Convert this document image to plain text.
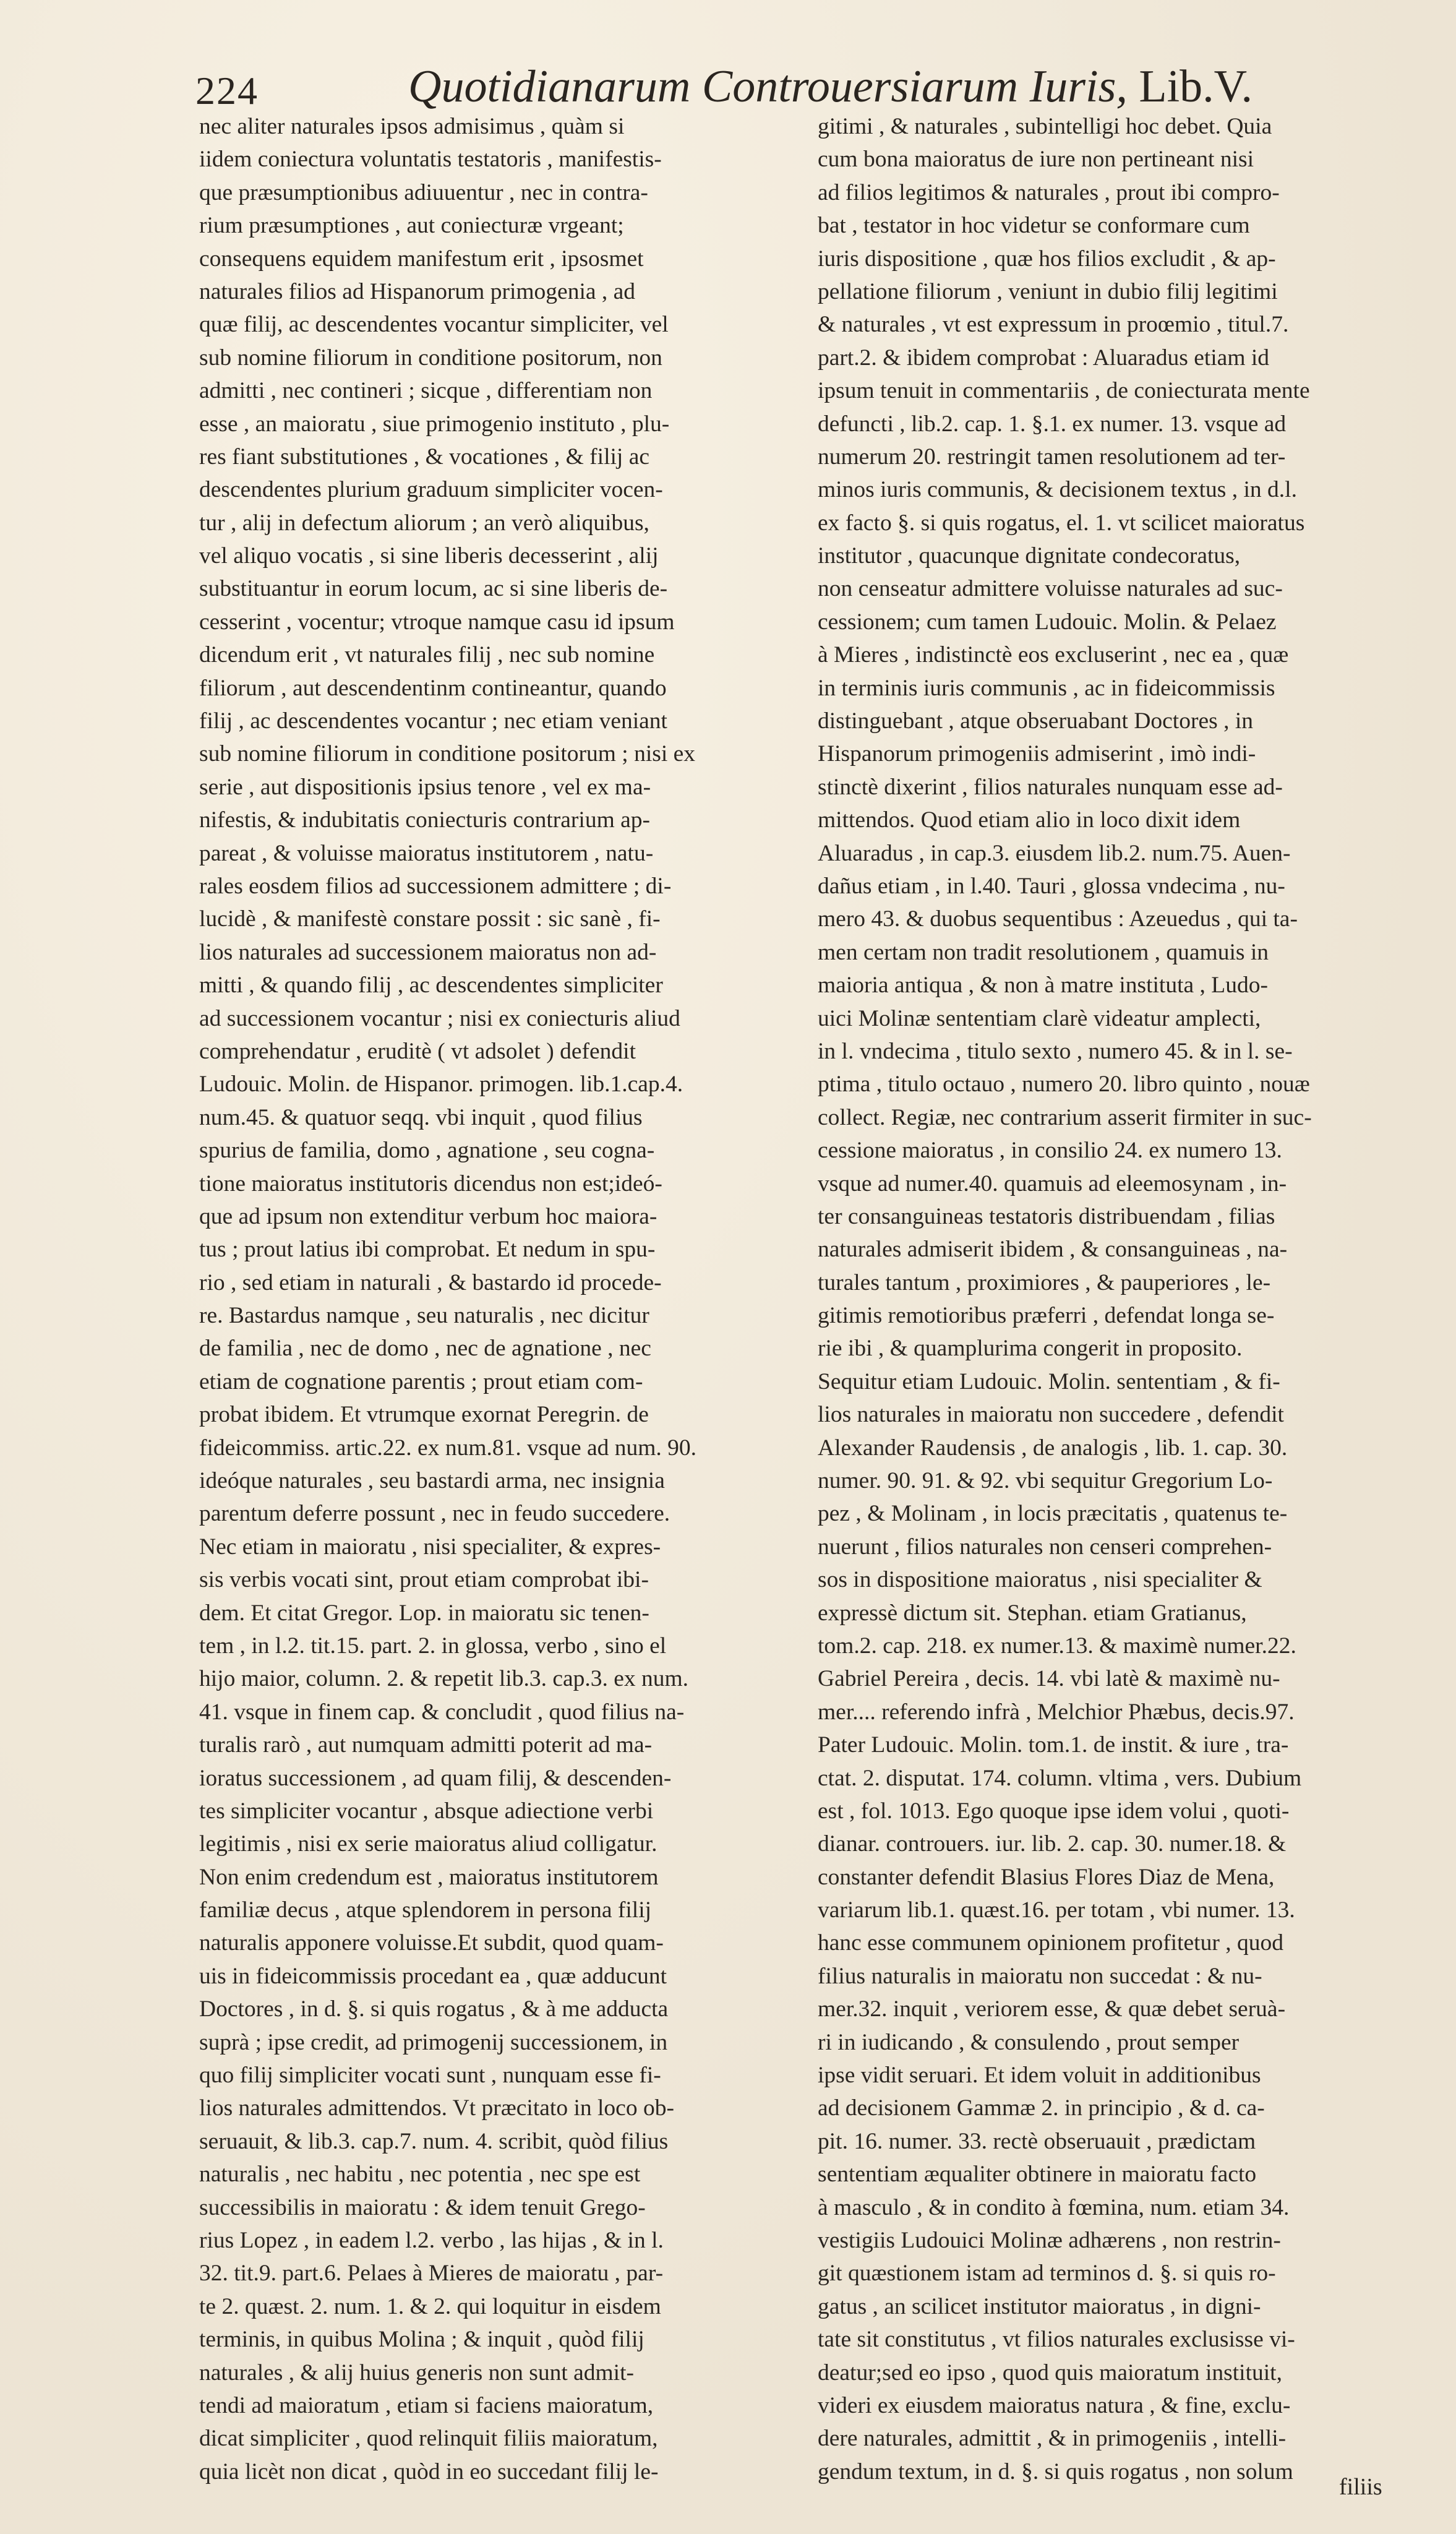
224	Quotidianarum Controuersiarum Iuris, Lib.V.
nec aliter naturales ipsos admisimus , quàm si
iidem coniectura voluntatis testatoris , manifestis-
que præsumptionibus adiuuentur , nec in contra-
rium præsumptiones , aut coniecturæ vrgeant;
consequens equidem manifestum erit , ipsosmet
naturales filios ad Hispanorum primogenia , ad
quæ filij, ac descendentes vocantur simpliciter, vel
sub nomine filiorum in conditione positorum, non
admitti , nec contineri ; sicque , differentiam non
esse , an maioratu , siue primogenio instituto , plu-
res fiant substitutiones , & vocationes , & filij ac
descendentes plurium graduum simpliciter vocen-
tur , alij in defectum aliorum ; an verò aliquibus,
vel aliquo vocatis , si sine liberis decesserint , alij
substituantur in eorum locum, ac si sine liberis de-
cesserint , vocentur; vtroque namque casu id ipsum
dicendum erit , vt naturales filij , nec sub nomine
filiorum , aut descendentinm contineantur, quando
filij , ac descendentes vocantur ; nec etiam veniant
sub nomine filiorum in conditione positorum ; nisi ex
serie , aut dispositionis ipsius tenore , vel ex ma-
nifestis, & indubitatis coniecturis contrarium ap-
pareat , & voluisse maioratus institutorem , natu-
rales eosdem filios ad successionem admittere ; di-
lucidè , & manifestè constare possit : sic sanè , fi-
lios naturales ad successionem maioratus non ad-
mitti , & quando filij , ac descendentes simpliciter
ad successionem vocantur ; nisi ex coniecturis aliud
comprehendatur , eruditè ( vt adsolet ) defendit
Ludouic. Molin. de Hispanor. primogen. lib.1.cap.4.
num.45. & quatuor seqq. vbi inquit , quod filius
spurius de familia, domo , agnatione , seu cogna-
tione maioratus institutoris dicendus non est;ideó-
que ad ipsum non extenditur verbum hoc maiora-
tus ; prout latius ibi comprobat. Et nedum in spu-
rio , sed etiam in naturali , & bastardo id procede-
re. Bastardus namque , seu naturalis , nec dicitur
de familia , nec de domo , nec de agnatione , nec
etiam de cognatione parentis ; prout etiam com-
probat ibidem. Et vtrumque exornat Peregrin. de
fideicommiss. artic.22. ex num.81. vsque ad num. 90.
ideóque naturales , seu bastardi arma, nec insignia
parentum deferre possunt , nec in feudo succedere.
Nec etiam in maioratu , nisi specialiter, & expres-
sis verbis vocati sint, prout etiam comprobat ibi-
dem. Et citat Gregor. Lop. in maioratu sic tenen-
tem , in l.2. tit.15. part. 2. in glossa, verbo , sino el
hijo maior, column. 2. & repetit lib.3. cap.3. ex num.
41. vsque in finem cap. & concludit , quod filius na-
turalis rarò , aut numquam admitti poterit ad ma-
ioratus successionem , ad quam filij, & descenden-
tes simpliciter vocantur , absque adiectione verbi
legitimis , nisi ex serie maioratus aliud colligatur.
Non enim credendum est , maioratus institutorem
familiæ decus , atque splendorem in persona filij
naturalis apponere voluisse.Et subdit, quod quam-
uis in fideicommissis procedant ea , quæ adducunt
Doctores , in d. §. si quis rogatus , & à me adducta
suprà ; ipse credit, ad primogenij successionem, in
quo filij simpliciter vocati sunt , nunquam esse fi-
lios naturales admittendos. Vt præcitato in loco ob-
seruauit, & lib.3. cap.7. num. 4. scribit, quòd filius
naturalis , nec habitu , nec potentia , nec spe est
successibilis in maioratu : & idem tenuit Grego-
rius Lopez , in eadem l.2. verbo , las hijas , & in l.
32. tit.9. part.6. Pelaes à Mieres de maioratu , par-
te 2. quæst. 2. num. 1. & 2. qui loquitur in eisdem
terminis, in quibus Molina ; & inquit , quòd filij
naturales , & alij huius generis non sunt admit-
tendi ad maioratum , etiam si faciens maioratum,
dicat simpliciter , quod relinquit filiis maioratum,
quia licèt non dicat , quòd in eo succedant filij le-
gitimi , & naturales , subintelligi hoc debet. Quia
cum bona maioratus de iure non pertineant nisi
ad filios legitimos & naturales , prout ibi compro-
bat , testator in hoc videtur se conformare cum
iuris dispositione , quæ hos filios excludit , & ap-
pellatione filiorum , veniunt in dubio filij legitimi
& naturales , vt est expressum in proœmio , titul.7.
part.2. & ibidem comprobat : Aluaradus etiam id
ipsum tenuit in commentariis , de coniecturata mente
defuncti , lib.2. cap. 1. §.1. ex numer. 13. vsque ad
numerum 20. restringit tamen resolutionem ad ter-
minos iuris communis, & decisionem textus , in d.l.
ex facto §. si quis rogatus, el. 1. vt scilicet maioratus
institutor , quacunque dignitate condecoratus,
non censeatur admittere voluisse naturales ad suc-
cessionem; cum tamen Ludouic. Molin. & Pelaez
à Mieres , indistinctè eos excluserint , nec ea , quæ
in terminis iuris communis , ac in fideicommissis
distinguebant , atque obseruabant Doctores , in
Hispanorum primogeniis admiserint , imò indi-
stinctè dixerint , filios naturales nunquam esse ad-
mittendos. Quod etiam alio in loco dixit idem
Aluaradus , in cap.3. eiusdem lib.2. num.75. Auen-
dañus etiam , in l.40. Tauri , glossa vndecima , nu-
mero 43. & duobus sequentibus : Azeuedus , qui ta-
men certam non tradit resolutionem , quamuis in
maioria antiqua , & non à matre instituta , Ludo-
uici Molinæ sententiam clarè videatur amplecti,
in l. vndecima , titulo sexto , numero 45. & in l. se-
ptima , titulo octauo , numero 20. libro quinto , nouæ
collect. Regiæ, nec contrarium asserit firmiter in suc-
cessione maioratus , in consilio 24. ex numero 13.
vsque ad numer.40. quamuis ad eleemosynam , in-
ter consanguineas testatoris distribuendam , filias
naturales admiserit ibidem , & consanguineas , na-
turales tantum , proximiores , & pauperiores , le-
gitimis remotioribus præferri , defendat longa se-
rie ibi , & quamplurima congerit in proposito.
Sequitur etiam Ludouic. Molin. sententiam , & fi-
lios naturales in maioratu non succedere , defendit
Alexander Raudensis , de analogis , lib. 1. cap. 30.
numer. 90. 91. & 92. vbi sequitur Gregorium Lo-
pez , & Molinam , in locis præcitatis , quatenus te-
nuerunt , filios naturales non censeri comprehen-
sos in dispositione maioratus , nisi specialiter &
expressè dictum sit. Stephan. etiam Gratianus,
tom.2. cap. 218. ex numer.13. & maximè numer.22.
Gabriel Pereira , decis. 14. vbi latè & maximè nu-
mer.... referendo infrà , Melchior Phæbus, decis.97.
Pater Ludouic. Molin. tom.1. de instit. & iure , tra-
ctat. 2. disputat. 174. column. vltima , vers. Dubium
est , fol. 1013. Ego quoque ipse idem volui , quoti-
dianar. controuers. iur. lib. 2. cap. 30. numer.18. &
constanter defendit Blasius Flores Diaz de Mena,
variarum lib.1. quæst.16. per totam , vbi numer. 13.
hanc esse communem opinionem profitetur , quod
filius naturalis in maioratu non succedat : & nu-
mer.32. inquit , veriorem esse, & quæ debet seruà-
ri in iudicando , & consulendo , prout semper
ipse vidit seruari. Et idem voluit in additionibus
ad decisionem Gammæ 2. in principio , & d. ca-
pit. 16. numer. 33. rectè obseruauit , prædictam
sententiam æqualiter obtinere in maioratu facto
à masculo , & in condito à fœmina, num. etiam 34.
vestigiis Ludouici Molinæ adhærens , non restrin-
git quæstionem istam ad terminos d. §. si quis ro-
gatus , an scilicet institutor maioratus , in digni-
tate sit constitutus , vt filios naturales exclusisse vi-
deatur;sed eo ipso , quod quis maioratum instituit,
videri ex eiusdem maioratus natura , & fine, exclu-
dere naturales, admittit , & in primogeniis , intelli-
gendum textum, in d. §. si quis rogatus , non solum
filiis
